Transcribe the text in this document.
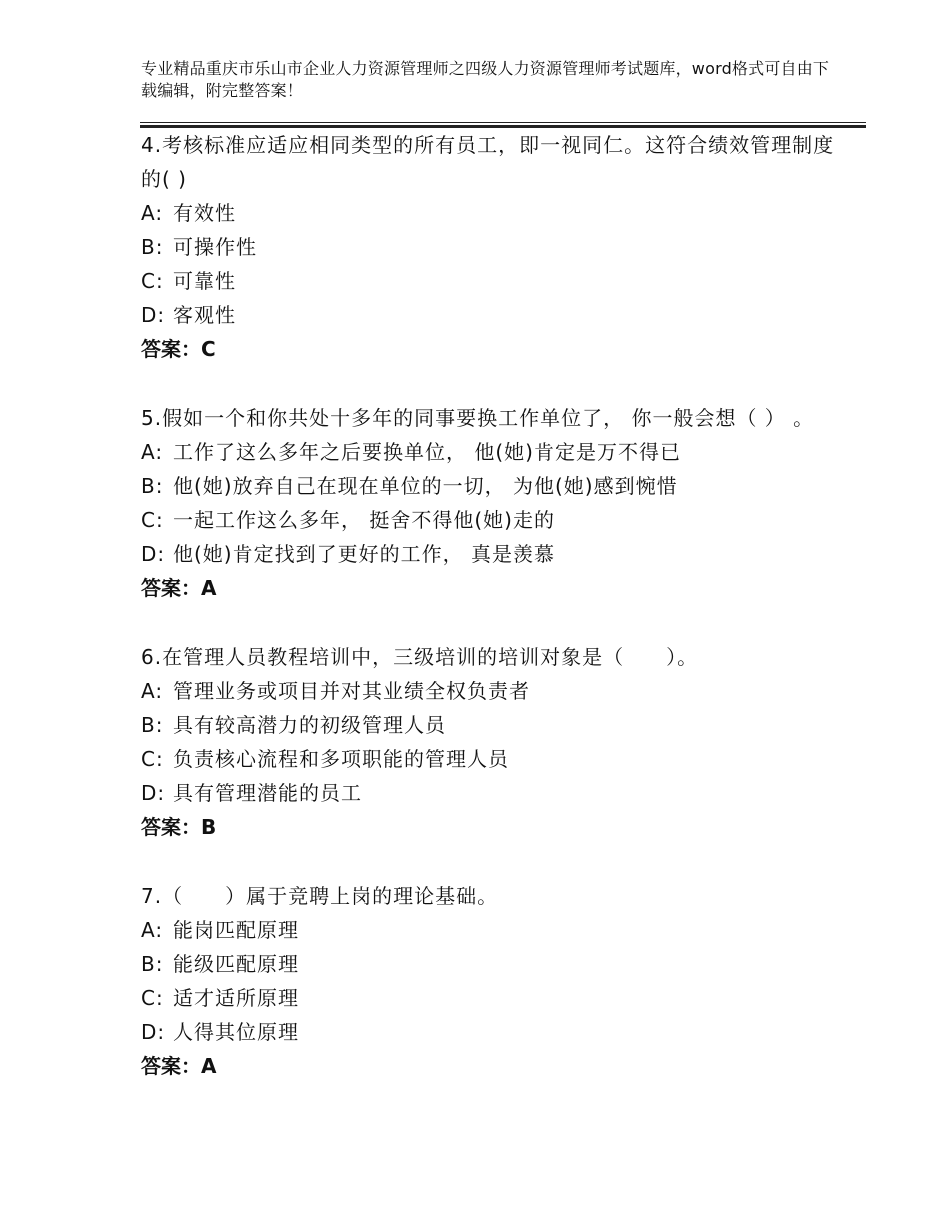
专业精品重庆市乐山市企业人力资源管理师之四级人力资源管理师考试题库，word格式可自由下载编辑，附完整答案！
4.考核标准应适应相同类型的所有员工，即一视同仁。这符合绩效管理制度的( )
A: 有效性
B: 可操作性
C: 可靠性
D: 客观性
答案：C
5.假如一个和你共处十多年的同事要换工作单位了， 你一般会想（ ） 。
A: 工作了这么多年之后要换单位， 他(她)肯定是万不得已
B: 他(她)放弃自己在现在单位的一切， 为他(她)感到惋惜
C: 一起工作这么多年， 挺舍不得他(她)走的
D: 他(她)肯定找到了更好的工作， 真是羡慕
答案：A
6.在管理人员教程培训中，三级培训的培训对象是（　　）。
A: 管理业务或项目并对其业绩全权负责者
B: 具有较高潜力的初级管理人员
C: 负责核心流程和多项职能的管理人员
D: 具有管理潜能的员工
答案：B
7.（　　）属于竞聘上岗的理论基础。
A: 能岗匹配原理
B: 能级匹配原理
C: 适才适所原理
D: 人得其位原理
答案：A
